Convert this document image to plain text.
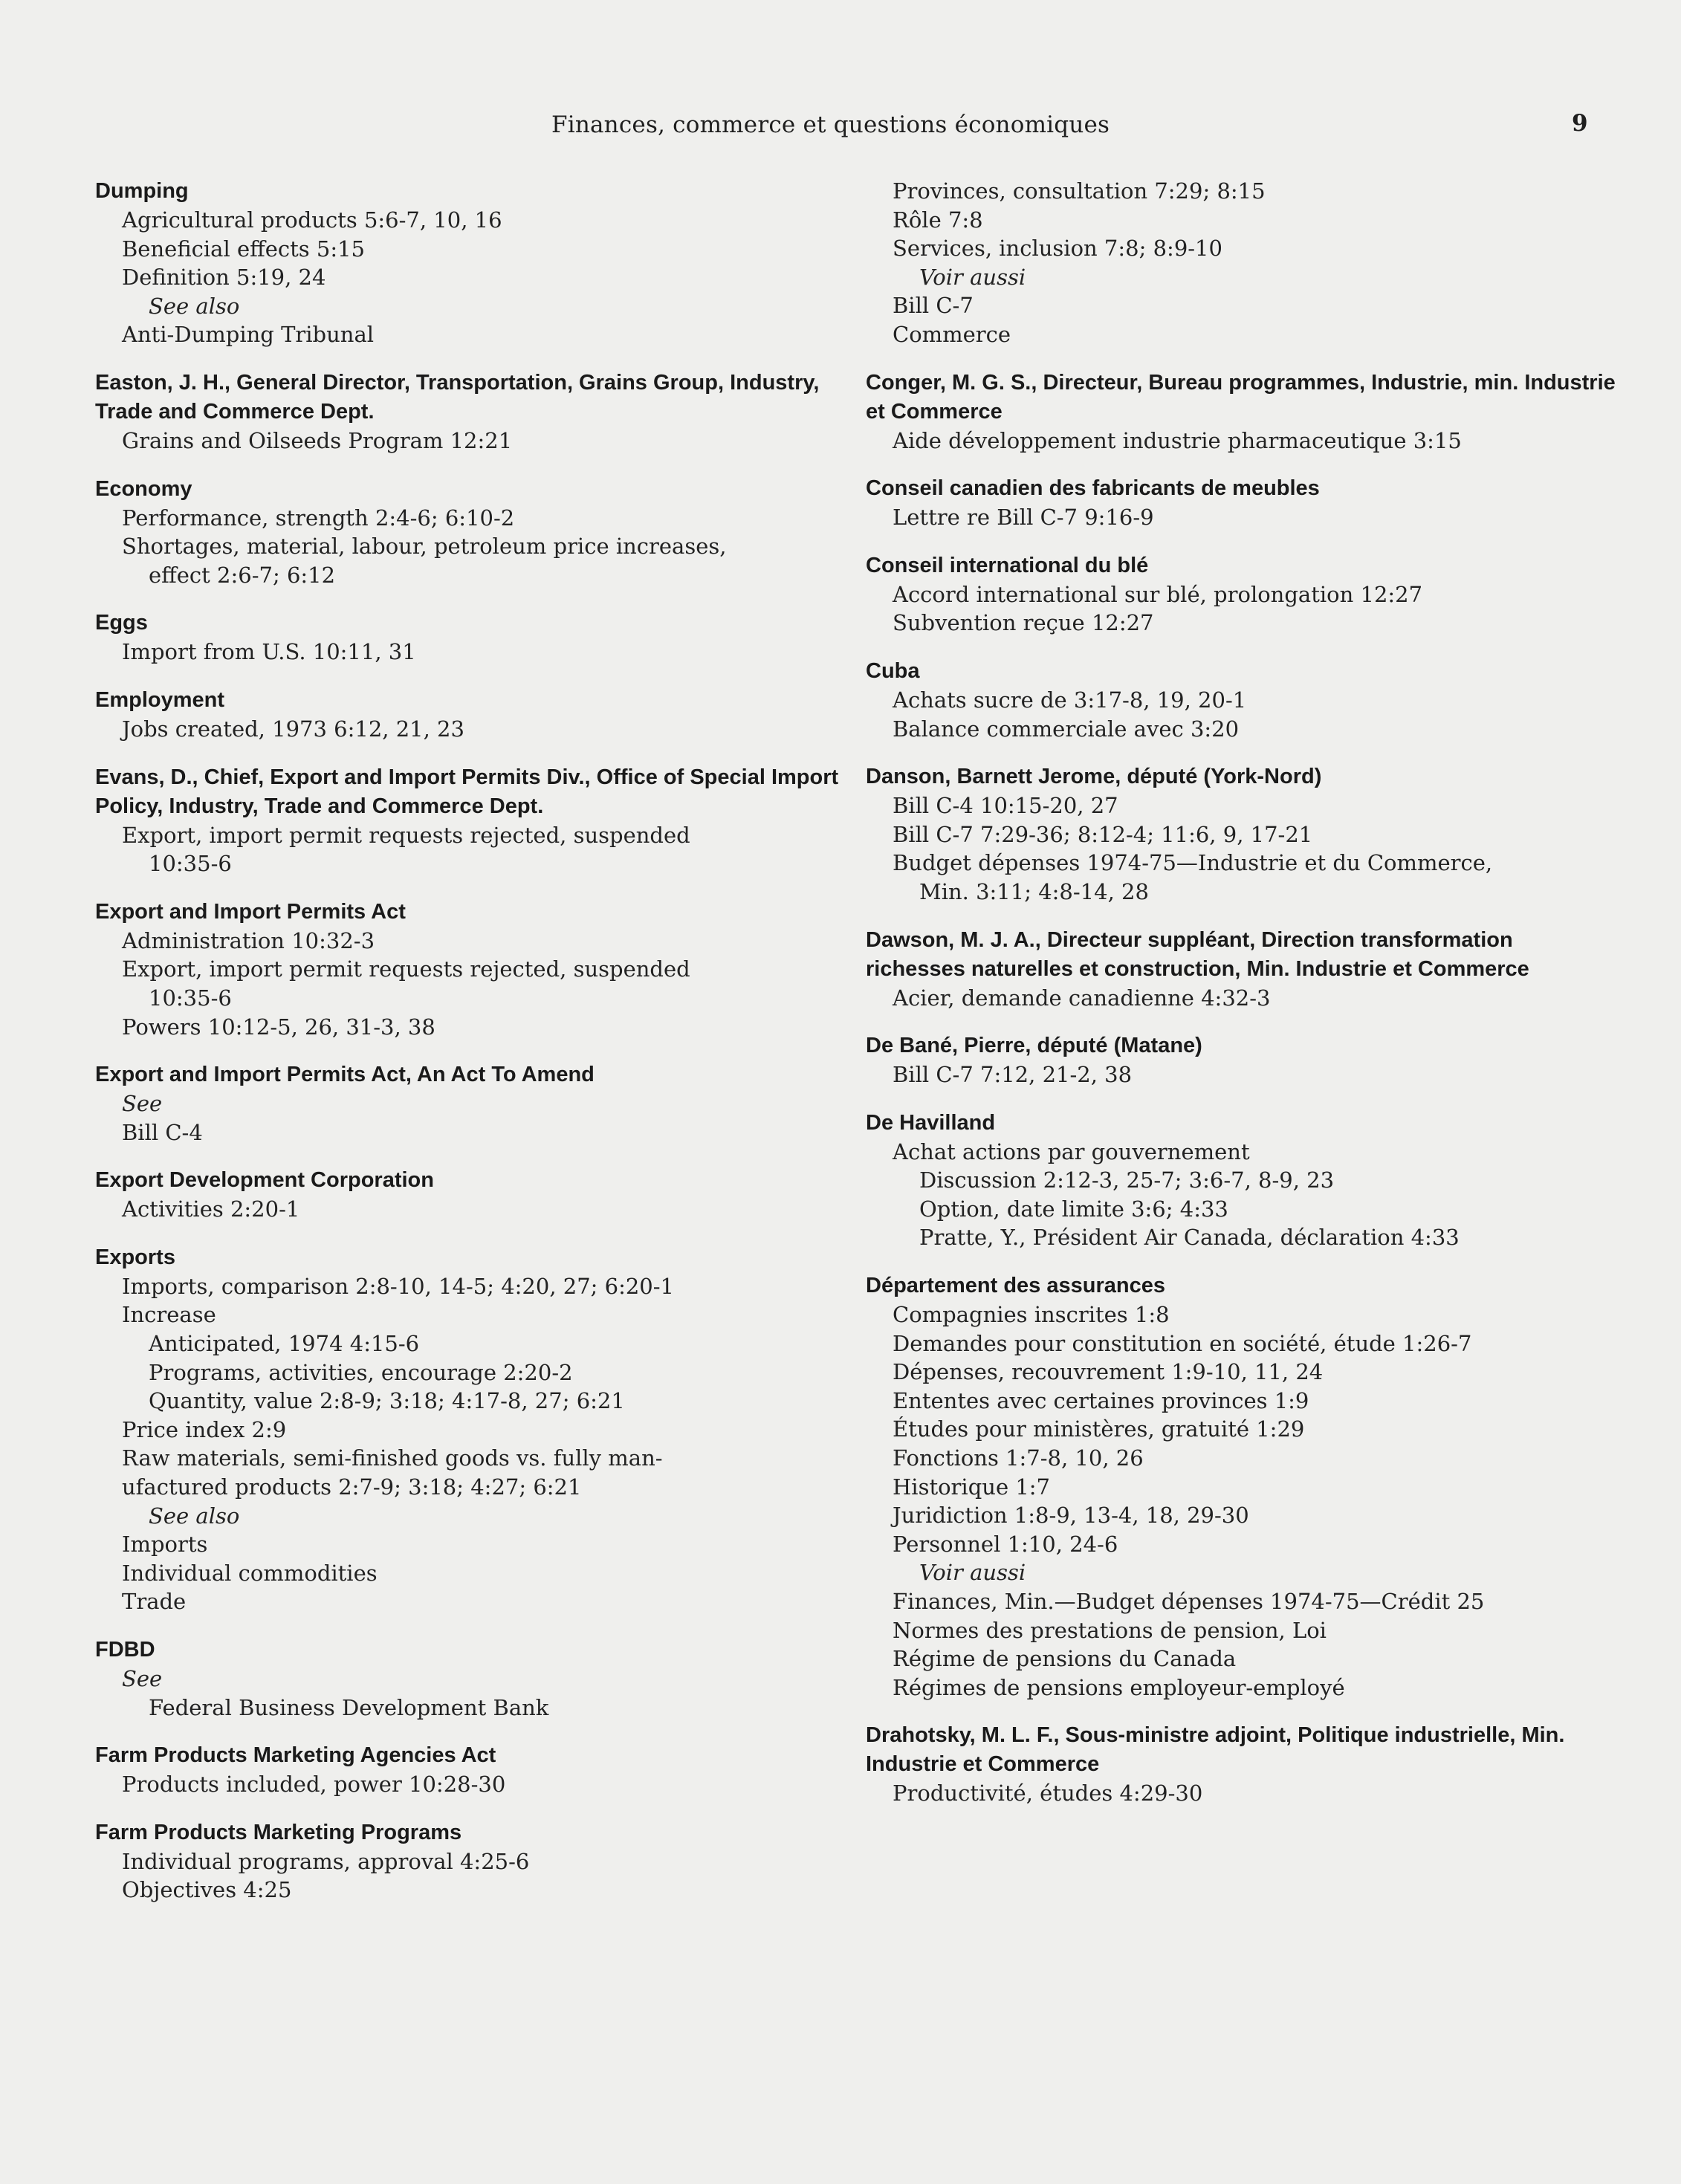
Finances, commerce et questions économiques	9
Dumping
Agricultural products 5:6-7, 10, 16
Beneficial effects 5:15
Definition 5:19, 24
See also
Anti-Dumping Tribunal
Easton, J. H., General Director, Transportation, Grains Group, Industry, Trade and Commerce Dept.
Grains and Oilseeds Program 12:21
Economy
Performance, strength 2:4-6; 6:10-2
Shortages, material, labour, petroleum price increases,
effect 2:6-7; 6:12
Eggs
Import from U.S. 10:11, 31
Employment
Jobs created, 1973 6:12, 21, 23
Evans, D., Chief, Export and Import Permits Div., Office of Special Import Policy, Industry, Trade and Commerce Dept.
Export, import permit requests rejected, suspended
10:35-6
Export and Import Permits Act
Administration 10:32-3
Export, import permit requests rejected, suspended
10:35-6
Powers 10:12-5, 26, 31-3, 38
Export and Import Permits Act, An Act To Amend
See
Bill C-4
Export Development Corporation
Activities 2:20-1
Exports
Imports, comparison 2:8-10, 14-5; 4:20, 27; 6:20-1
Increase
Anticipated, 1974 4:15-6
Programs, activities, encourage 2:20-2
Quantity, value 2:8-9; 3:18; 4:17-8, 27; 6:21
Price index 2:9
Raw materials, semi-finished goods vs. fully man-
ufactured products 2:7-9; 3:18; 4:27; 6:21
See also
Imports
Individual commodities
Trade
FDBD
See
Federal Business Development Bank
Farm Products Marketing Agencies Act
Products included, power 10:28-30
Farm Products Marketing Programs
Individual programs, approval 4:25-6
Objectives 4:25
Provinces, consultation 7:29; 8:15
Rôle 7:8
Services, inclusion 7:8; 8:9-10
Voir aussi
Bill C-7
Commerce
Conger, M. G. S., Directeur, Bureau programmes, Industrie, min. Industrie et Commerce
Aide développement industrie pharmaceutique 3:15
Conseil canadien des fabricants de meubles
Lettre re Bill C-7 9:16-9
Conseil international du blé
Accord international sur blé, prolongation 12:27
Subvention reçue 12:27
Cuba
Achats sucre de 3:17-8, 19, 20-1
Balance commerciale avec 3:20
Danson, Barnett Jerome, député (York-Nord)
Bill C-4 10:15-20, 27
Bill C-7 7:29-36; 8:12-4; 11:6, 9, 17-21
Budget dépenses 1974-75—Industrie et du Commerce,
Min. 3:11; 4:8-14, 28
Dawson, M. J. A., Directeur suppléant, Direction transformation richesses naturelles et construction, Min. Industrie et Commerce
Acier, demande canadienne 4:32-3
De Bané, Pierre, député (Matane)
Bill C-7 7:12, 21-2, 38
De Havilland
Achat actions par gouvernement
Discussion 2:12-3, 25-7; 3:6-7, 8-9, 23
Option, date limite 3:6; 4:33
Pratte, Y., Président Air Canada, déclaration 4:33
Département des assurances
Compagnies inscrites 1:8
Demandes pour constitution en société, étude 1:26-7
Dépenses, recouvrement 1:9-10, 11, 24
Ententes avec certaines provinces 1:9
Études pour ministères, gratuité 1:29
Fonctions 1:7-8, 10, 26
Historique 1:7
Juridiction 1:8-9, 13-4, 18, 29-30
Personnel 1:10, 24-6
Voir aussi
Finances, Min.—Budget dépenses 1974-75—Crédit 25
Normes des prestations de pension, Loi
Régime de pensions du Canada
Régimes de pensions employeur-employé
Drahotsky, M. L. F., Sous-ministre adjoint, Politique industrielle, Min. Industrie et Commerce
Productivité, études 4:29-30
